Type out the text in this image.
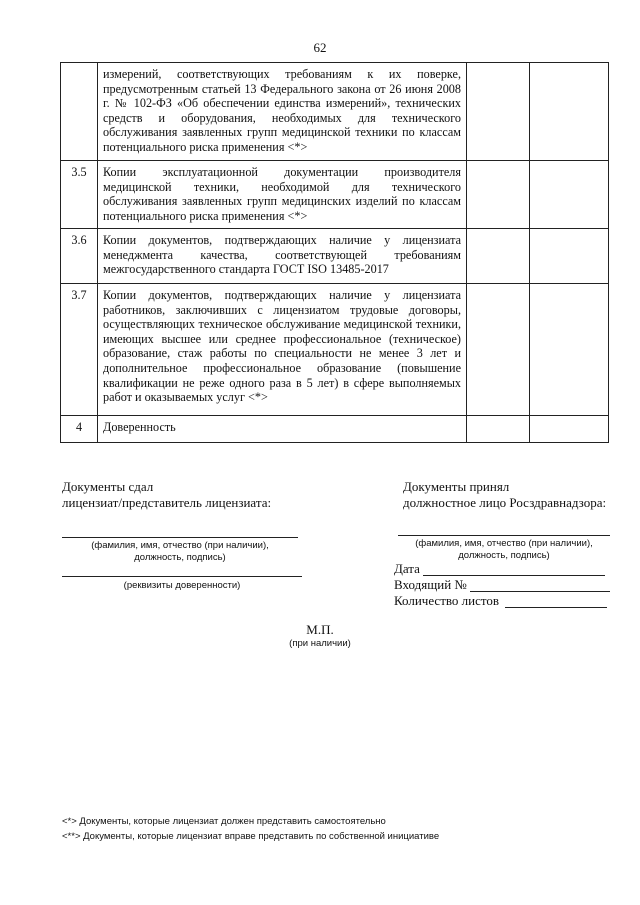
62
	измерений, соответствующих требованиям к их поверке, предусмотренным статьей 13 Федерального закона от 26 июня 2008 г. № 102-ФЗ «Об обеспечении единства измерений», технических средств и оборудования, необходимых для технического обслуживания заявленных групп медицинской техники по классам потенциального риска применения <*>		
3.5	Копии эксплуатационной документации производителя медицинской техники, необходимой для технического обслуживания заявленных групп медицинских изделий по классам потенциального риска применения <*>		
3.6	Копии документов, подтверждающих наличие у лицензиата менеджмента качества, соответствующей требованиям межгосударственного стандарта ГОСТ ISO 13485-2017		
3.7	Копии документов, подтверждающих наличие у лицензиата работников, заключивших с лицензиатом трудовые договоры, осуществляющих техническое обслуживание медицинской техники, имеющих высшее или среднее профессиональное (техническое) образование, стаж работы по специальности не менее 3 лет и дополнительное профессиональное образование (повышение квалификации не реже одного раза в 5 лет) в сфере выполняемых работ и оказываемых услуг <*>		
4	Доверенность		
Документы сдал
лицензиат/представитель лицензиата:
(фамилия, имя, отчество (при наличии),
должность, подпись)
(реквизиты доверенности)
Документы принял
должностное лицо Росздравнадзора:
(фамилия, имя, отчество (при наличии),
должность, подпись)
Дата
Входящий №
Количество листов
М.П.
(при наличии)
<*> Документы, которые лицензиат должен представить самостоятельно
<**> Документы, которые лицензиат вправе представить по собственной инициативе
